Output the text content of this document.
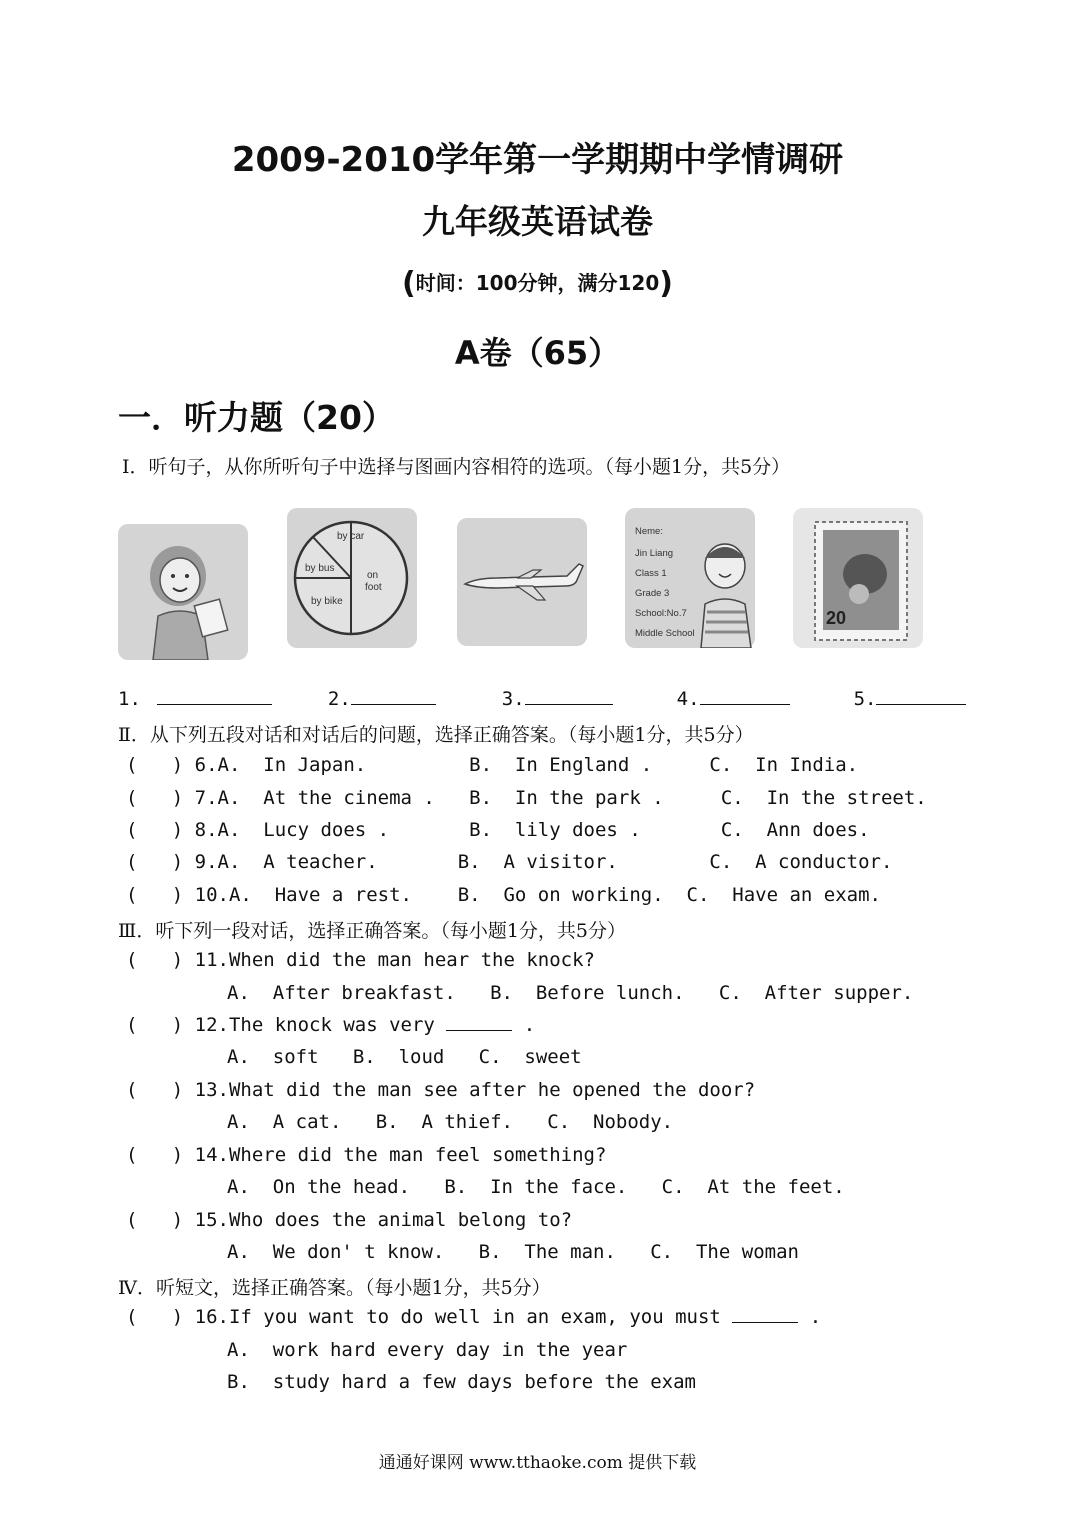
2009-2010学年第一学期期中学情调研
九年级英语试卷
(时间：100分钟，满分120)
A卷（65）
一．听力题（20）
Ⅰ．听句子，从你所听句子中选择与图画内容相符的选项。（每小题1分，共5分）
by car
by bus
by bike
on
foot
Neme:
Jin Liang
Class 1
Grade 3
School:No.7
Middle School
20
1.	2.	3.	4.	5.
Ⅱ．从下列五段对话和对话后的问题，选择正确答案。（每小题1分，共5分）
(   ) 6.A.  In Japan.         B.  In England .     C.  In India.
(   ) 7.A.  At the cinema .   B.  In the park .     C.  In the street.
(   ) 8.A.  Lucy does .       B.  lily does .       C.  Ann does.
(   ) 9.A.  A teacher.       B.  A visitor.        C.  A conductor.
(   ) 10.A.  Have a rest.    B.  Go on working.  C.  Have an exam.
Ⅲ．听下列一段对话，选择正确答案。（每小题1分，共5分）
(   ) 11.When did the man hear the knock?
A.  After breakfast.   B.  Before lunch.   C.  After supper.
(   ) 12.The knock was very	.
A.  soft   B.  loud   C.  sweet
(   ) 13.What did the man see after he opened the door?
A.  A cat.   B.  A thief.   C.  Nobody.
(   ) 14.Where did the man feel something?
A.  On the head.   B.  In the face.   C.  At the feet.
(   ) 15.Who does the animal belong to?
A.  We don' t know.   B.  The man.   C.  The woman
Ⅳ．听短文，选择正确答案。（每小题1分，共5分）
(   ) 16.If you want to do well in an exam, you must	.
A.  work hard every day in the year
B.  study hard a few days before the exam
通通好课网 www.tthaoke.com 提供下载
